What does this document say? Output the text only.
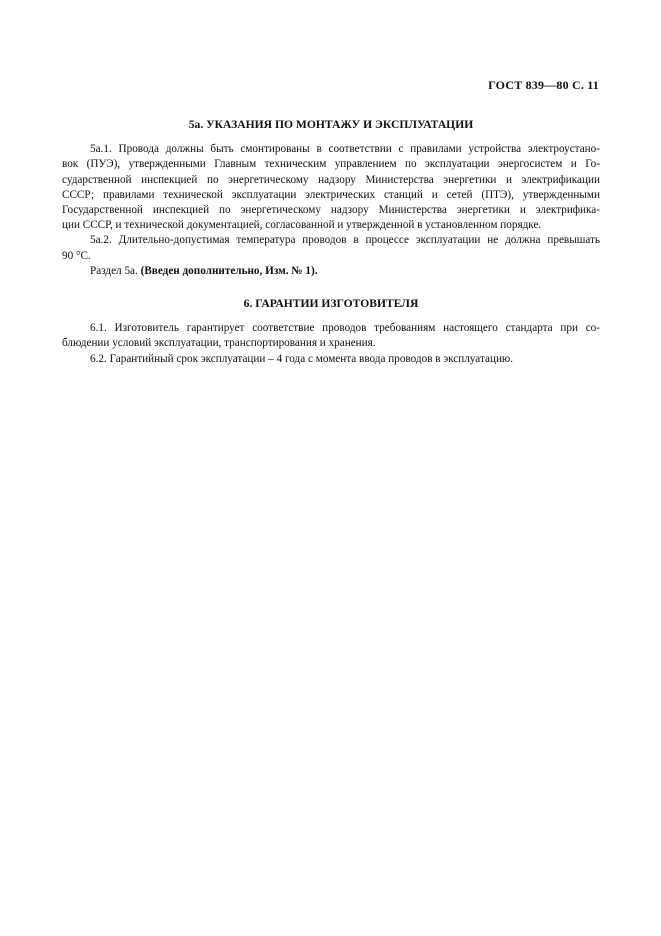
ГОСТ 839—80 С. 11
5а. УКАЗАНИЯ ПО МОНТАЖУ И ЭКСПЛУАТАЦИИ
5а.1. Провода должны быть смонтированы в соответствии с правилами устройства электроустано-
вок (ПУЭ), утвержденными Главным техническим управлением по эксплуатации энергосистем и Го-
сударственной инспекцией по энергетическому надзору Министерства энергетики и электрификации
СССР; правилами технической эксплуатации электрических станций и сетей (ПТЭ), утвержденными
Государственной инспекцией по энергетическому надзору Министерства энергетики и электрифика-
ции СССР, и технической документацией, согласованной и утвержденной в установленном порядке.
5а.2. Длительно-допустимая температура проводов в процессе эксплуатации не должна превышать
90 °С.
Раздел 5а. (Введен дополнительно, Изм. № 1).
6. ГАРАНТИИ ИЗГОТОВИТЕЛЯ
6.1. Изготовитель гарантирует соответствие проводов требованиям настоящего стандарта при со-
блюдении условий эксплуатации, транспортирования и хранения.
6.2. Гарантийный срок эксплуатации – 4 года с момента ввода проводов в эксплуатацию.
